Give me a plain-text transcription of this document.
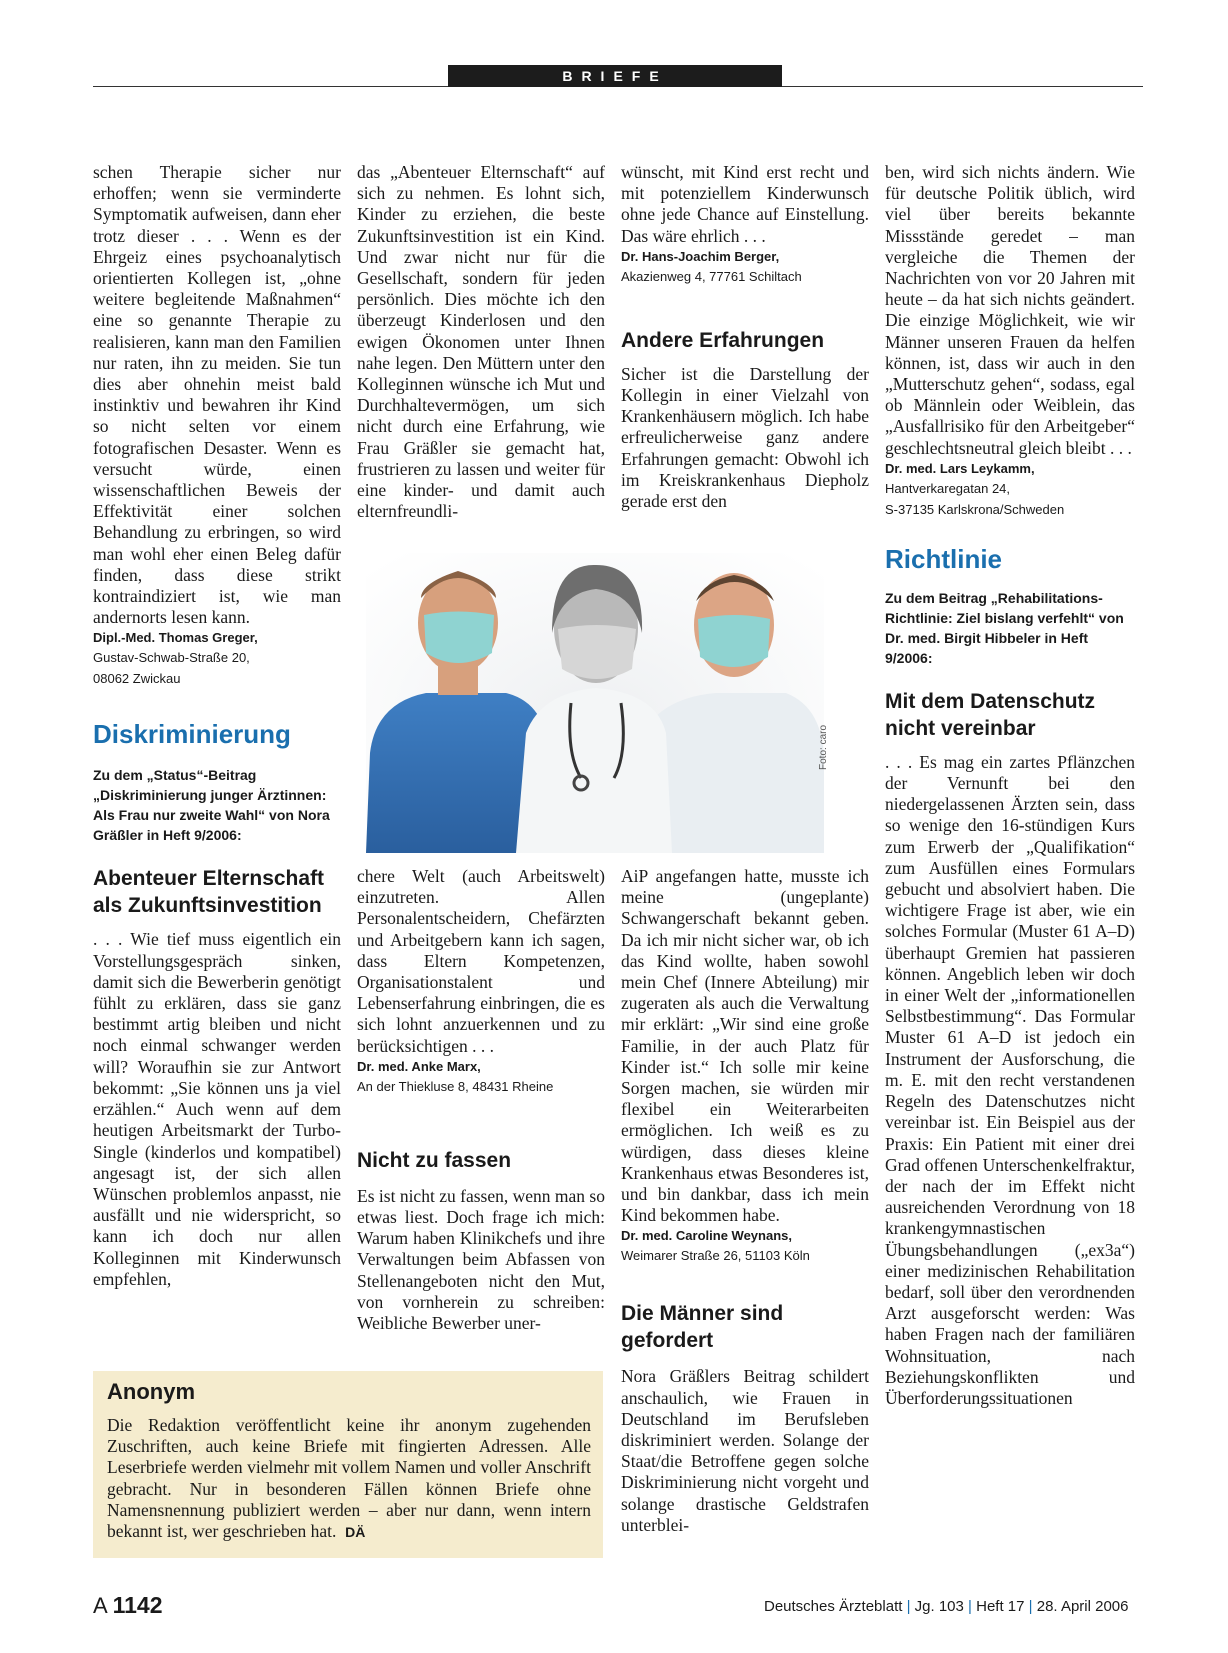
BRIEFE

schen Therapie sicher nur erhoffen; wenn sie verminderte Symptomatik aufweisen, dann eher trotz dieser . . . Wenn es der Ehrgeiz eines psychoanalytisch orientierten Kollegen ist, „ohne weitere begleitende Maßnahmen“ eine so genannte Therapie zu realisieren, kann man den Familien nur raten, ihn zu meiden. Sie tun dies aber ohnehin meist bald instinktiv und bewahren ihr Kind so nicht selten vor einem fotografischen Desaster. Wenn es versucht würde, einen wissenschaftlichen Beweis der Effektivität einer solchen Behandlung zu erbringen, so wird man wohl eher einen Beleg dafür finden, dass diese strikt kontraindiziert ist, wie man andernorts lesen kann.

Dipl.-Med. Thomas Greger,
Gustav-Schwab-Straße 20,
08062 Zwickau
Diskriminierung
Zu dem „Status“-Beitrag „Diskriminierung junger Ärztinnen: Als Frau nur zweite Wahl“ von Nora Gräßler in Heft 9/2006:
Abenteuer Elternschaft als Zukunftsinvestition

. . . Wie tief muss eigentlich ein Vorstellungsgespräch sinken, damit sich die Bewerberin genötigt fühlt zu erklären, dass sie ganz bestimmt artig bleiben und nicht noch einmal schwanger werden will? Woraufhin sie zur Antwort bekommt: „Sie können uns ja viel erzählen.“ Auch wenn auf dem heutigen Arbeitsmarkt der Turbo-Single (kinderlos und kompatibel) angesagt ist, der sich allen Wünschen problemlos anpasst, nie ausfällt und nie widerspricht, so kann ich doch nur allen Kolleginnen mit Kinderwunsch empfehlen,

das „Abenteuer Elternschaft“ auf sich zu nehmen. Es lohnt sich, Kinder zu erziehen, die beste Zukunftsinvestition ist ein Kind. Und zwar nicht nur für die Gesellschaft, sondern für jeden persönlich. Dies möchte ich den überzeugt Kinderlosen und den ewigen Ökonomen unter Ihnen nahe legen. Den Müttern unter den Kolleginnen wünsche ich Mut und Durchhaltevermögen, um sich nicht durch eine Erfahrung, wie Frau Gräßler sie gemacht hat, frustrieren zu lassen und weiter für eine kinder- und damit auch elternfreundli-

chere Welt (auch Arbeitswelt) einzutreten. Allen Personalentscheidern, Chefärzten und Arbeitgebern kann ich sagen, dass Eltern Kompetenzen, Organisationstalent und Lebenserfahrung einbringen, die es sich lohnt anzuerkennen und zu berücksichtigen . . .

Dr. med. Anke Marx,
An der Thiekluse 8, 48431 Rheine
Nicht zu fassen

Es ist nicht zu fassen, wenn man so etwas liest. Doch frage ich mich: Warum haben Klinikchefs und ihre Verwaltungen beim Abfassen von Stellenangeboten nicht den Mut, von vornherein zu schreiben: Weibliche Bewerber uner-

wünscht, mit Kind erst recht und mit potenziellem Kinderwunsch ohne jede Chance auf Einstellung. Das wäre ehrlich . . .

Dr. Hans-Joachim Berger,
Akazienweg 4, 77761 Schiltach
Andere Erfahrungen

Sicher ist die Darstellung der Kollegin in einer Vielzahl von Krankenhäusern möglich. Ich habe erfreulicherweise ganz andere Erfahrungen gemacht: Obwohl ich im Kreiskrankenhaus Diepholz gerade erst den

AiP angefangen hatte, musste ich meine (ungeplante) Schwangerschaft bekannt geben. Da ich mir nicht sicher war, ob ich das Kind wollte, haben sowohl mein Chef (Innere Abteilung) mir zugeraten als auch die Verwaltung mir erklärt: „Wir sind eine große Familie, in der auch Platz für Kinder ist.“ Ich solle mir keine Sorgen machen, sie würden mir flexibel ein Weiterarbeiten ermöglichen. Ich weiß es zu würdigen, dass dieses kleine Krankenhaus etwas Besonderes ist, und bin dankbar, dass ich mein Kind bekommen habe.

Dr. med. Caroline Weynans,
Weimarer Straße 26, 51103 Köln
Die Männer sind gefordert

Nora Gräßlers Beitrag schildert anschaulich, wie Frauen in Deutschland im Berufsleben diskriminiert werden. Solange der Staat/die Betroffene gegen solche Diskriminierung nicht vorgeht und solange drastische Geldstrafen unterblei-

ben, wird sich nichts ändern. Wie für deutsche Politik üblich, wird viel über bereits bekannte Missstände geredet – man vergleiche die Themen der Nachrichten von vor 20 Jahren mit heute – da hat sich nichts geändert. Die einzige Möglichkeit, wie wir Männer unseren Frauen da helfen können, ist, dass wir auch in den „Mutterschutz gehen“, sodass, egal ob Männlein oder Weiblein, das „Ausfallrisiko für den Arbeitgeber“ geschlechtsneutral gleich bleibt . . .

Dr. med. Lars Leykamm,
Hantverkaregatan 24,
S-37135 Karlskrona/Schweden
Richtlinie
Zu dem Beitrag „Rehabilitations-Richtlinie: Ziel bislang verfehlt“ von Dr. med. Birgit Hibbeler in Heft 9/2006:
Mit dem Datenschutz nicht vereinbar

. . . Es mag ein zartes Pflänzchen der Vernunft bei den niedergelassenen Ärzten sein, dass so wenige den 16-stündigen Kurs zum Erwerb der „Qualifikation“ zum Ausfüllen eines Formulars gebucht und absolviert haben. Die wichtigere Frage ist aber, wie ein solches Formular (Muster 61 A–D) überhaupt Gremien hat passieren können. Angeblich leben wir doch in einer Welt der „informationellen Selbstbestimmung“. Das Formular Muster 61 A–D ist jedoch ein Instrument der Ausforschung, die m. E. mit den recht verstandenen Regeln des Datenschutzes nicht vereinbar ist. Ein Beispiel aus der Praxis: Ein Patient mit einer drei Grad offenen Unterschenkelfraktur, der nach der im Effekt nicht ausreichenden Verordnung von 18 krankengymnastischen Übungsbehandlungen („ex3a“) einer medizinischen Rehabilitation bedarf, soll über den verordnenden Arzt ausgeforscht werden: Was haben Fragen nach der familiären Wohnsituation, nach Beziehungskonflikten und Überforderungssituationen

Foto: caro
Anonym
Die Redaktion veröffentlicht keine ihr anonym zugehenden Zuschriften, auch keine Briefe mit fingierten Adressen. Alle Leserbriefe werden vielmehr mit vollem Namen und voller Anschrift gebracht. Nur in besonderen Fällen können Briefe ohne Namensnennung publiziert werden – aber nur dann, wenn intern bekannt ist, wer geschrieben hat. DÄ
A 1142	Deutsches Ärzteblatt | Jg. 103 | Heft 17 | 28. April 2006
